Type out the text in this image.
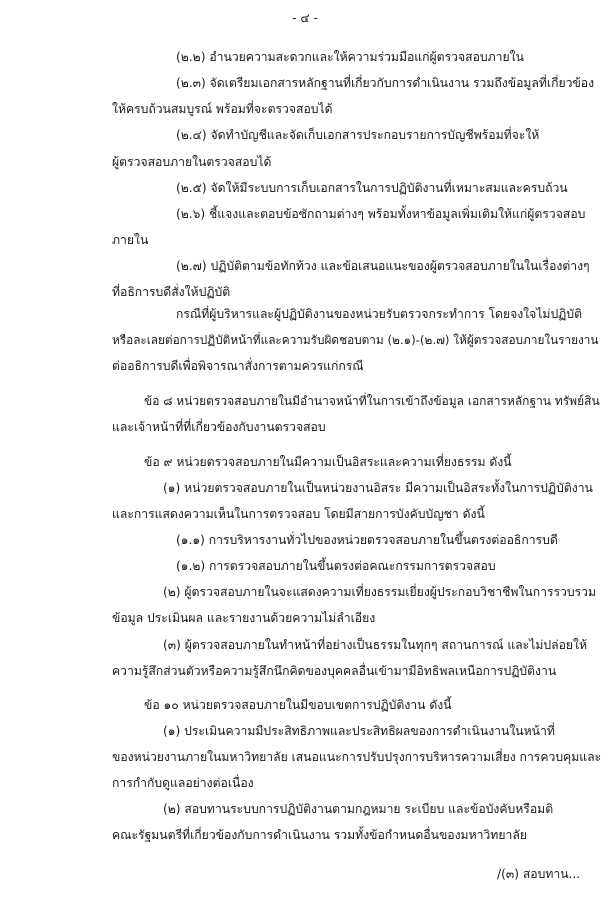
- ๔ -
(๒.๒) อำนวยความสะดวกและให้ความร่วมมือแก่ผู้ตรวจสอบภายใน
(๒.๓) จัดเตรียมเอกสารหลักฐานที่เกี่ยวกับการดำเนินงาน รวมถึงข้อมูลที่เกี่ยวข้อง
ให้ครบถ้วนสมบูรณ์ พร้อมที่จะตรวจสอบได้
(๒.๔) จัดทำบัญชีและจัดเก็บเอกสารประกอบรายการบัญชีพร้อมที่จะให้
ผู้ตรวจสอบภายในตรวจสอบได้
(๒.๕) จัดให้มีระบบการเก็บเอกสารในการปฏิบัติงานที่เหมาะสมและครบถ้วน
(๒.๖) ชี้แจงและตอบข้อซักถามต่างๆ พร้อมทั้งหาข้อมูลเพิ่มเติมให้แก่ผู้ตรวจสอบ
ภายใน
(๒.๗) ปฏิบัติตามข้อทักท้วง และข้อเสนอแนะของผู้ตรวจสอบภายในในเรื่องต่างๆ
ที่อธิการบดีสั่งให้ปฏิบัติ
กรณีที่ผู้บริหารและผู้ปฏิบัติงานของหน่วยรับตรวจกระทำการ โดยจงใจไม่ปฏิบัติ
หรือละเลยต่อการปฏิบัติหน้าที่และความรับผิดชอบตาม (๒.๑)-(๒.๗) ให้ผู้ตรวจสอบภายในรายงาน
ต่ออธิการบดีเพื่อพิจารณาสั่งการตามควรแก่กรณี
ข้อ ๘ หน่วยตรวจสอบภายในมีอำนาจหน้าที่ในการเข้าถึงข้อมูล เอกสารหลักฐาน ทรัพย์สิน
และเจ้าหน้าที่ที่เกี่ยวข้องกับงานตรวจสอบ
ข้อ ๙ หน่วยตรวจสอบภายในมีความเป็นอิสระและความเที่ยงธรรม ดังนี้
(๑) หน่วยตรวจสอบภายในเป็นหน่วยงานอิสระ มีความเป็นอิสระทั้งในการปฏิบัติงาน
และการแสดงความเห็นในการตรวจสอบ โดยมีสายการบังคับบัญชา ดังนี้
(๑.๑) การบริหารงานทั่วไปของหน่วยตรวจสอบภายในขึ้นตรงต่ออธิการบดี
(๑.๒) การตรวจสอบภายในขึ้นตรงต่อคณะกรรมการตรวจสอบ
(๒) ผู้ตรวจสอบภายในจะแสดงความเที่ยงธรรมเยี่ยงผู้ประกอบวิชาชีพในการรวบรวม
ข้อมูล ประเมินผล และรายงานด้วยความไม่ลำเอียง
(๓) ผู้ตรวจสอบภายในทำหน้าที่อย่างเป็นธรรมในทุกๆ สถานการณ์ และไม่ปล่อยให้
ความรู้สึกส่วนตัวหรือความรู้สึกนึกคิดของบุคคลอื่นเข้ามามีอิทธิพลเหนือการปฏิบัติงาน
ข้อ ๑๐ หน่วยตรวจสอบภายในมีขอบเขตการปฏิบัติงาน ดังนี้
(๑) ประเมินความมีประสิทธิภาพและประสิทธิผลของการดำเนินงานในหน้าที่
ของหน่วยงานภายในมหาวิทยาลัย เสนอแนะการปรับปรุงการบริหารความเสี่ยง การควบคุมและ
การกำกับดูแลอย่างต่อเนื่อง
(๒) สอบทานระบบการปฏิบัติงานตามกฎหมาย ระเบียบ และข้อบังคับหรือมติ
คณะรัฐมนตรีที่เกี่ยวข้องกับการดำเนินงาน รวมทั้งข้อกำหนดอื่นของมหาวิทยาลัย
/(๓) สอบทาน...
